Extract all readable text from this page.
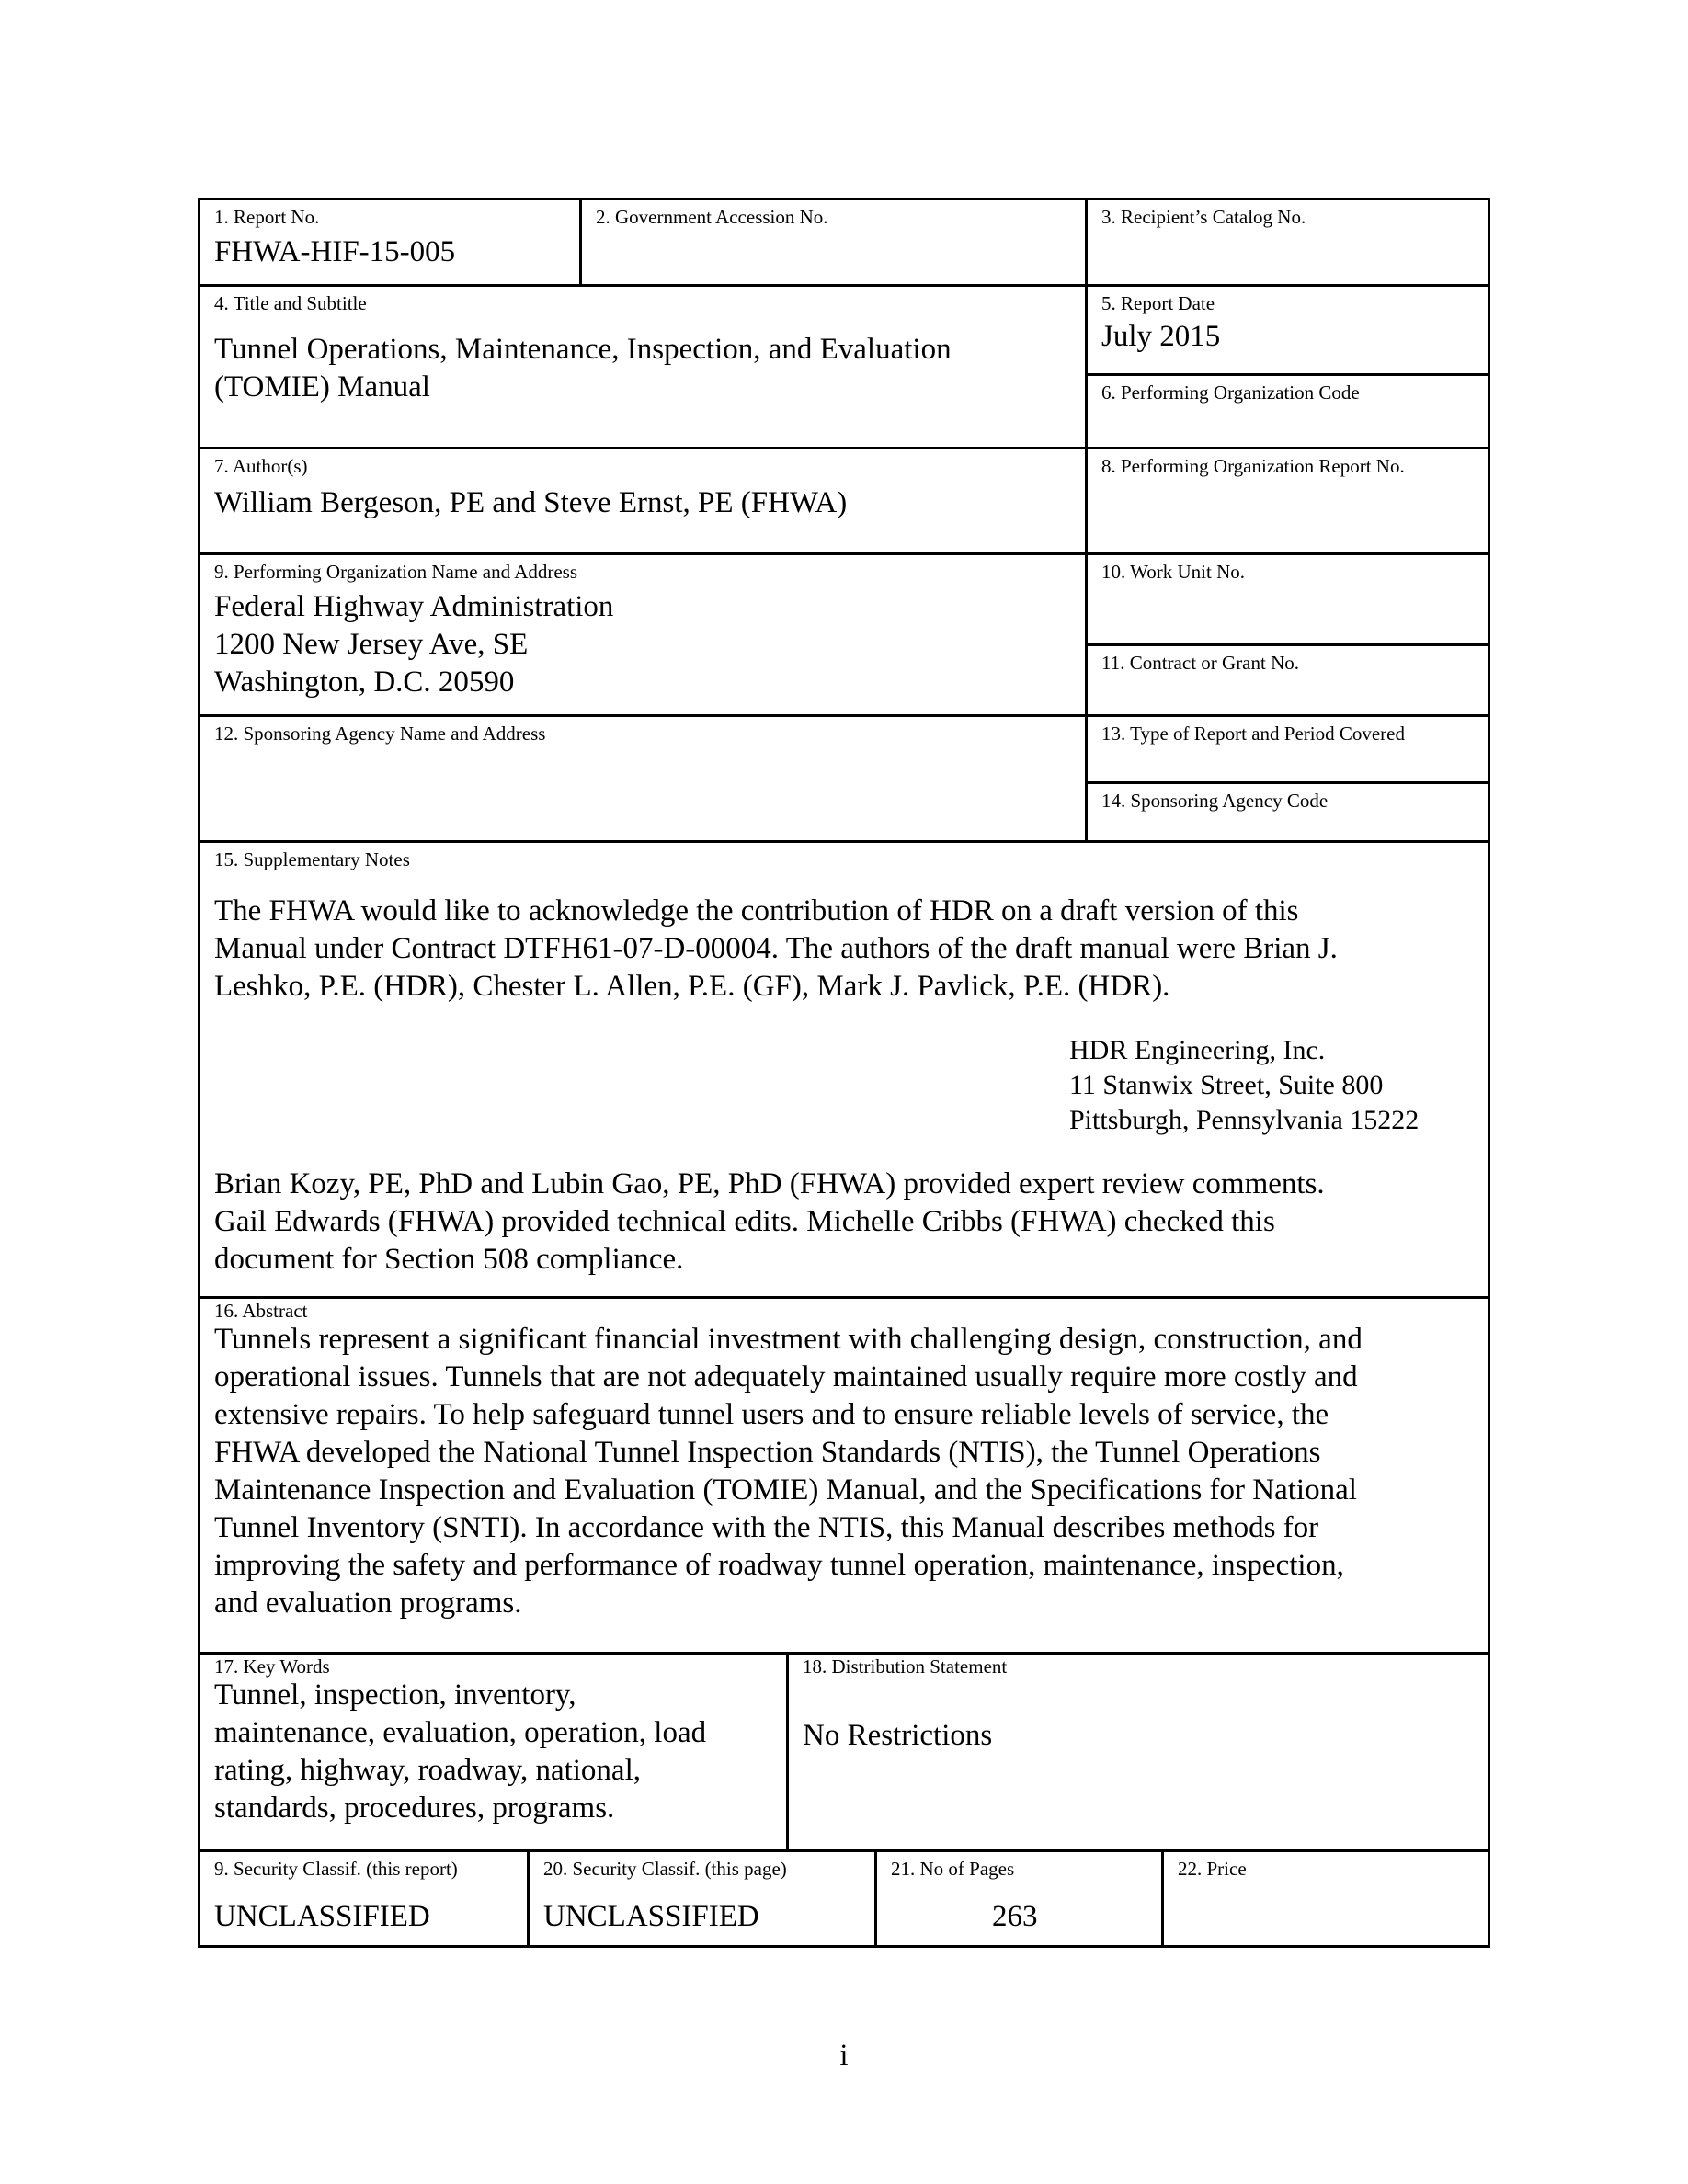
1. Report No.
FHWA-HIF-15-005
2. Government Accession No.	3. Recipient’s Catalog No.
4. Title and Subtitle
Tunnel Operations, Maintenance, Inspection, and Evaluation
(TOMIE) Manual
5. Report Date
July 2015
6. Performing Organization Code
7. Author(s)
William Bergeson, PE and Steve Ernst, PE (FHWA)
8. Performing Organization Report No.
9. Performing Organization Name and Address
Federal Highway Administration
1200 New Jersey Ave, SE
Washington, D.C. 20590
10. Work Unit No.
11. Contract or Grant No.
12. Sponsoring Agency Name and Address	13. Type of Report and Period Covered
14. Sponsoring Agency Code
15. Supplementary Notes

The FHWA would like to acknowledge the contribution of HDR on a draft version of this

Manual under Contract DTFH61-07-D-00004. The authors of the draft manual were Brian J.

Leshko, P.E. (HDR), Chester L. Allen, P.E. (GF), Mark J. Pavlick, P.E. (HDR).

HDR Engineering, Inc.
11 Stanwix Street, Suite 800
Pittsburgh, Pennsylvania 15222

Brian Kozy, PE, PhD and Lubin Gao, PE, PhD (FHWA) provided expert review comments.

Gail Edwards (FHWA) provided technical edits. Michelle Cribbs (FHWA) checked this

document for Section 508 compliance.

16. Abstract
Tunnels represent a significant financial investment with challenging design, construction, and
operational issues. Tunnels that are not adequately maintained usually require more costly and
extensive repairs. To help safeguard tunnel users and to ensure reliable levels of service, the
FHWA developed the National Tunnel Inspection Standards (NTIS), the Tunnel Operations
Maintenance Inspection and Evaluation (TOMIE) Manual, and the Specifications for National
Tunnel Inventory (SNTI). In accordance with the NTIS, this Manual describes methods for
improving the safety and performance of roadway tunnel operation, maintenance, inspection,
and evaluation programs.
17. Key Words
Tunnel, inspection, inventory,
maintenance, evaluation, operation, load
rating, highway, roadway, national,
standards, procedures, programs.
18. Distribution Statement
No Restrictions
9. Security Classif. (this report)
UNCLASSIFIED
20. Security Classif. (this page)
UNCLASSIFIED
21. No of Pages
263
22. Price
i
